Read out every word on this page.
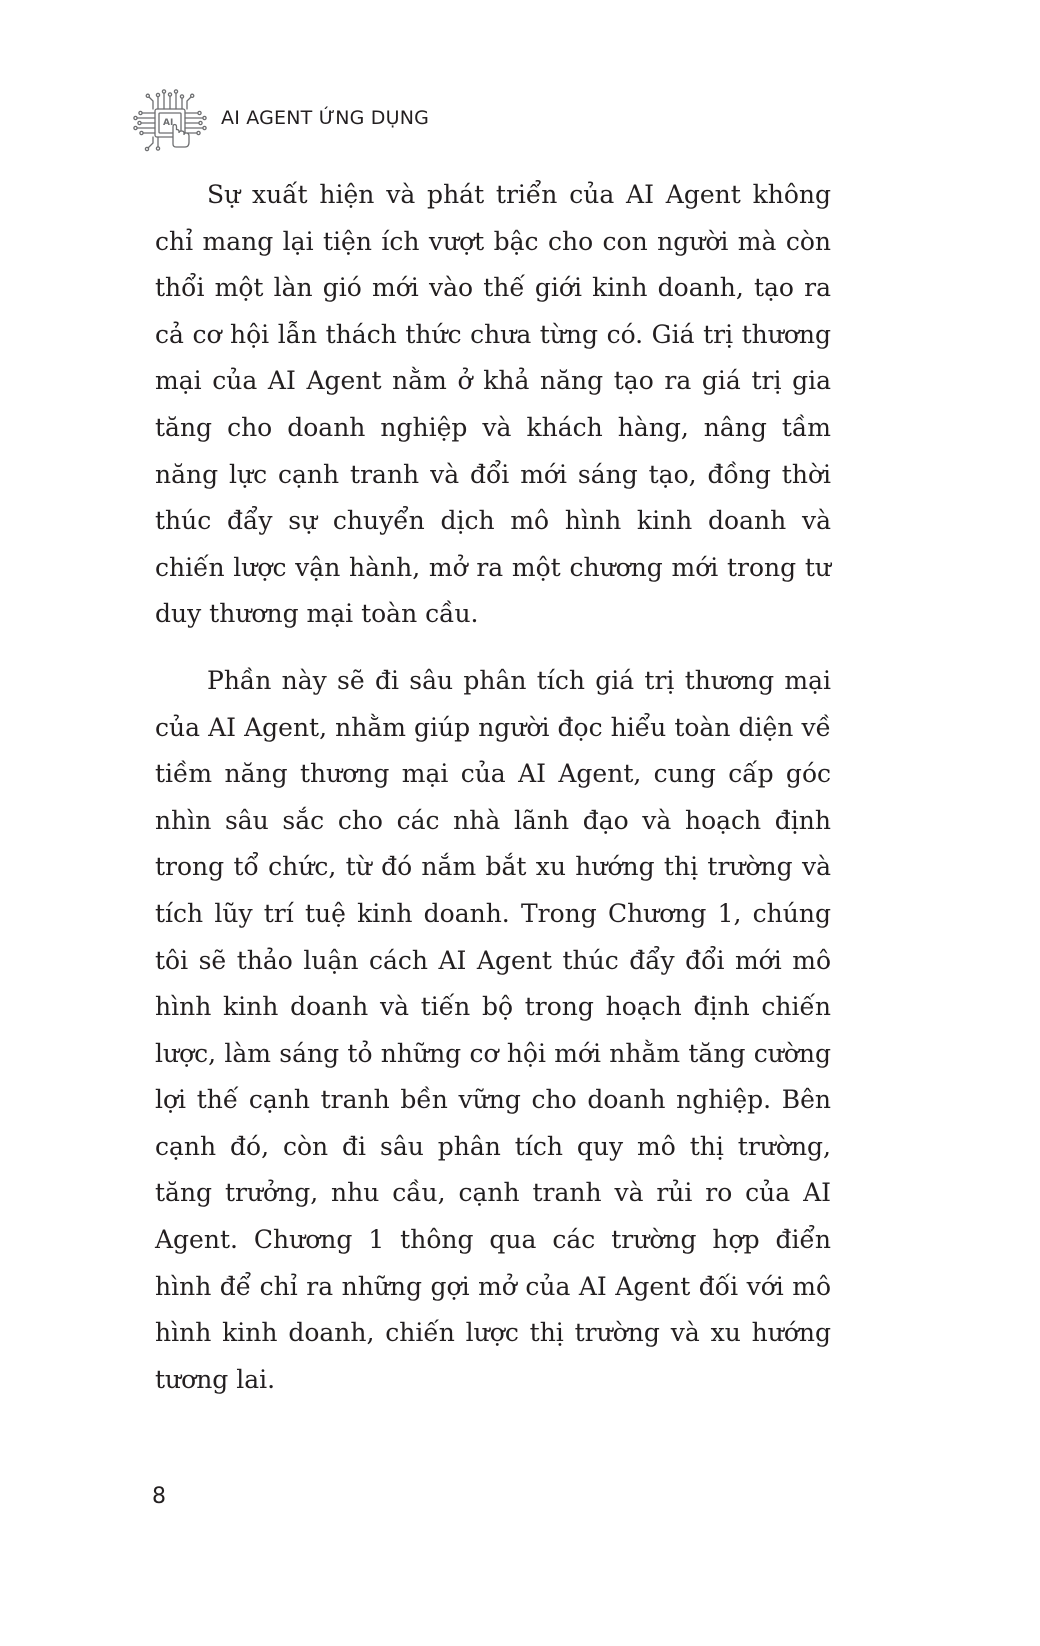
AI	AI AGENT ỨNG DỤNG

Sự xuất hiện và phát triển của AI Agent không chỉ mang lại tiện ích vượt bậc cho con người mà còn thổi một làn gió mới vào thế giới kinh doanh, tạo ra cả cơ hội lẫn thách thức chưa từng có. Giá trị thương mại của AI Agent nằm ở khả năng tạo ra giá trị gia tăng cho doanh nghiệp và khách hàng, nâng tầm năng lực cạnh tranh và đổi mới sáng tạo, đồng thời thúc đẩy sự chuyển dịch mô hình kinh doanh và chiến lược vận hành, mở ra một chương mới trong tư duy thương mại toàn cầu.

Phần này sẽ đi sâu phân tích giá trị thương mại của AI Agent, nhằm giúp người đọc hiểu toàn diện về tiềm năng thương mại của AI Agent, cung cấp góc nhìn sâu sắc cho các nhà lãnh đạo và hoạch định trong tổ chức, từ đó nắm bắt xu hướng thị trường và tích lũy trí tuệ kinh doanh. Trong Chương 1, chúng tôi sẽ thảo luận cách AI Agent thúc đẩy đổi mới mô hình kinh doanh và tiến bộ trong hoạch định chiến lược, làm sáng tỏ những cơ hội mới nhằm tăng cường lợi thế cạnh tranh bền vững cho doanh nghiệp. Bên cạnh đó, còn đi sâu phân tích quy mô thị trường, tăng trưởng, nhu cầu, cạnh tranh và rủi ro của AI Agent. Chương 1 thông qua các trường hợp điển hình để chỉ ra những gợi mở của AI Agent đối với mô hình kinh doanh, chiến lược thị trường và xu hướng tương lai.

8
